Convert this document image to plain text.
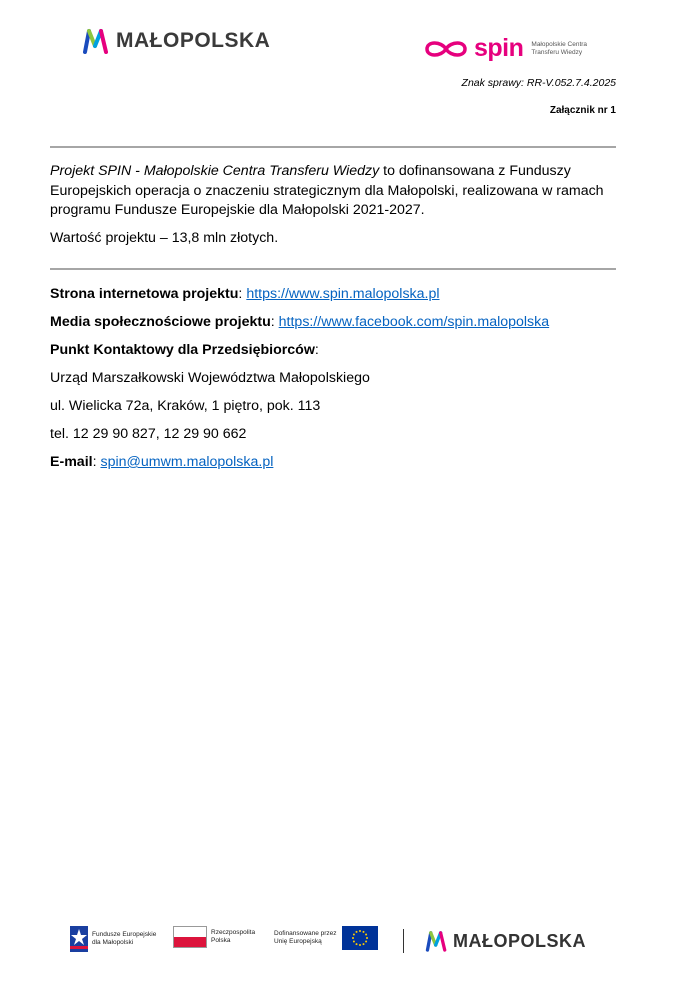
MAŁOPOLSKA	spin Małopolskie Centra
Transferu Wiedzy
Znak sprawy: RR-V.052.7.4.2025
Załącznik nr 1
Projekt SPIN - Małopolskie Centra Transferu Wiedzy to dofinansowana z Funduszy Europejskich operacja o znaczeniu strategicznym dla Małopolski, realizowana w ramach programu Fundusze Europejskie dla Małopolski 2021-2027.
Wartość projektu – 13,8 mln złotych.
Strona internetowa projektu: https://www.spin.malopolska.pl
Media społecznościowe projektu: https://www.facebook.com/spin.malopolska
Punkt Kontaktowy dla Przedsiębiorców:
Urząd Marszałkowski Województwa Małopolskiego
ul. Wielicka 72a, Kraków, 1 piętro, pok. 113
tel. 12 29 90 827, 12 29 90 662
E-mail: spin@umwm.malopolska.pl
Fundusze Europejskie
dla Małopolski
Rzeczpospolita
Polska
Dofinansowane przez
Unię Europejską	MAŁOPOLSKA
